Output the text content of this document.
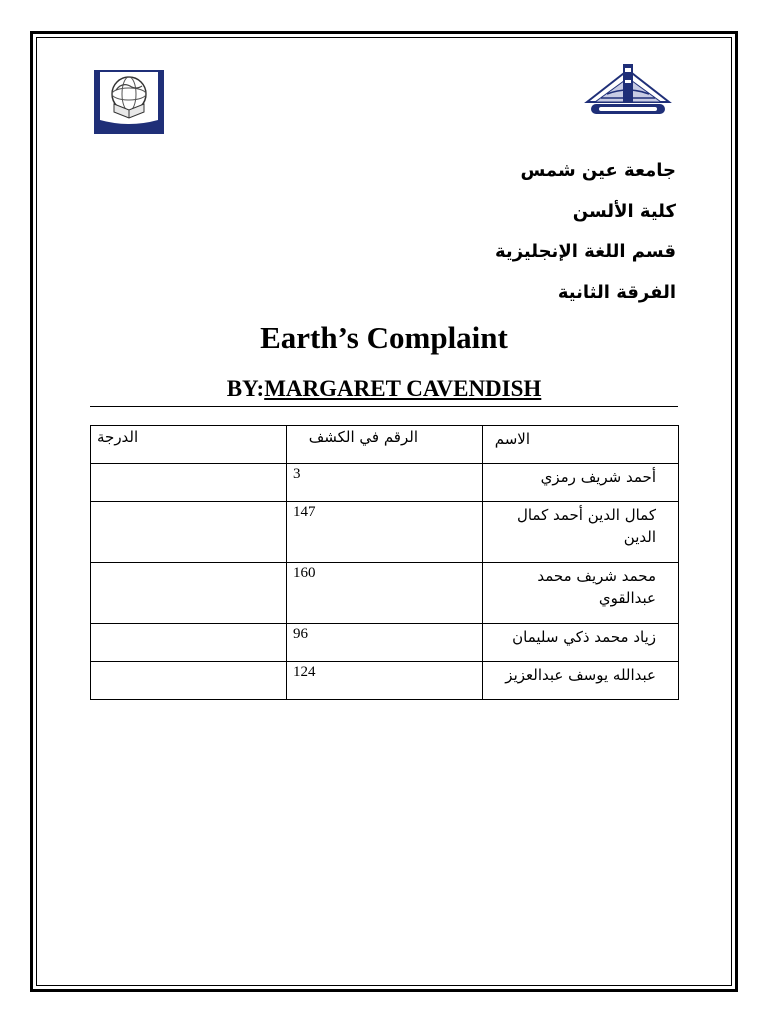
جامعة عين شمس
كلية الألسن
قسم اللغة الإنجليزية
الفرقة الثانية
Earth’s Complaint
BY:MARGARET CAVENDISH
الدرجة	الرقم في الكشف	الاسم
	3	أحمد شريف رمزي
	147	كمال الدين أحمد كمال الدين
	160	محمد شريف محمد عبدالقوي
	96	زياد محمد ذكي سليمان
	124	عبدالله يوسف عبدالعزيز
